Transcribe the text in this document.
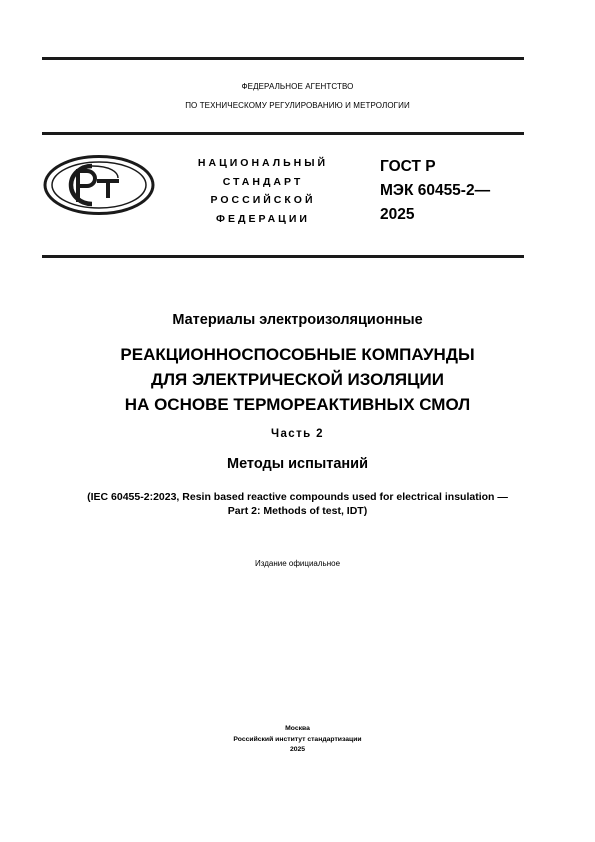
ФЕДЕРАЛЬНОЕ АГЕНТСТВО
ПО ТЕХНИЧЕСКОМУ РЕГУЛИРОВАНИЮ И МЕТРОЛОГИИ
НАЦИОНАЛЬНЫЙ
СТАНДАРТ
РОССИЙСКОЙ
ФЕДЕРАЦИИ
ГОСТ Р
МЭК 60455-2—
2025
Материалы электроизоляционные
РЕАКЦИОННОСПОСОБНЫЕ КОМПАУНДЫ
ДЛЯ ЭЛЕКТРИЧЕСКОЙ ИЗОЛЯЦИИ
НА ОСНОВЕ ТЕРМОРЕАКТИВНЫХ СМОЛ
Часть 2
Методы испытаний
(IEC 60455-2:2023, Resin based reactive compounds used for electrical insulation —
Part 2: Methods of test, IDT)
Издание официальное
Москва
Российский институт стандартизации
2025
